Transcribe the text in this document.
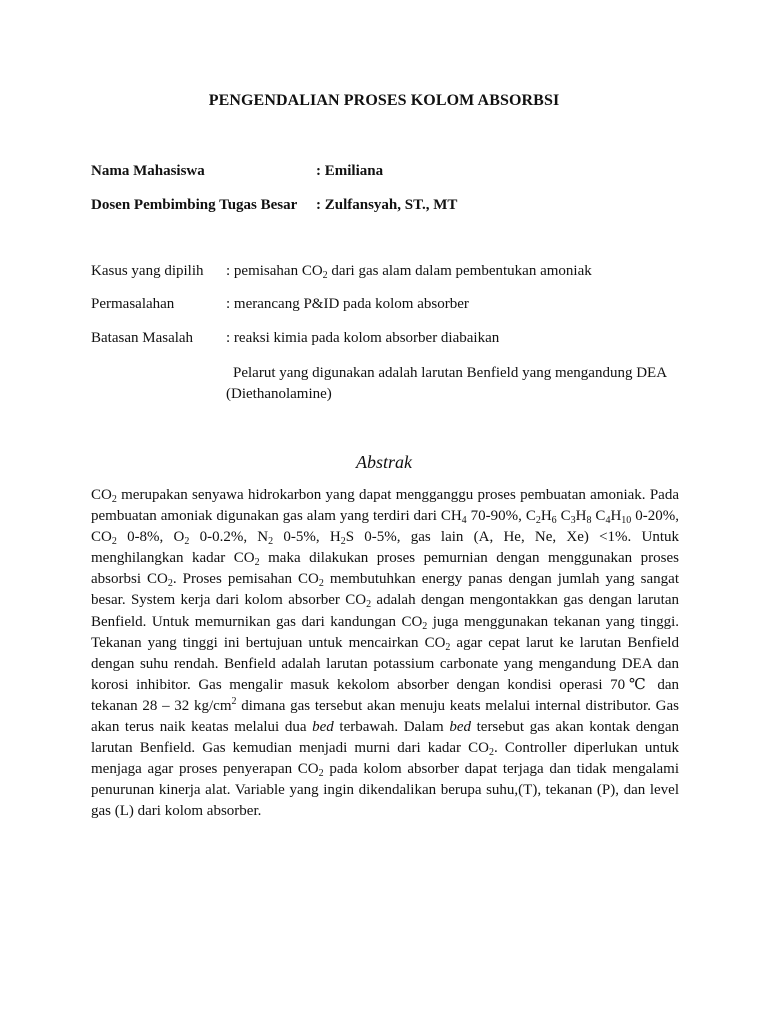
PENGENDALIAN PROSES KOLOM ABSORBSI
Nama Mahasiswa	: Emiliana
Dosen Pembimbing Tugas Besar : Zulfansyah, ST., MT
Kasus yang dipilih : pemisahan $CO_2$ dari gas alam dalam pembentukan amoniak
Permasalahan	: merancang P&ID pada kolom absorber
Batasan Masalah : reaksi kimia pada kolom absorber diabaikan
Pelarut yang digunakan adalah larutan Benfield yang mengandung DEA
(Diethanolamine)
Abstrak
$CO_2$ merupakan senyawa hidrokarbon yang dapat mengganggu proses pembuatan amoniak. Pada
pembuatan amoniak digunakan gas alam yang terdiri dari $CH_4$ 70-90%, $C_2H_6$ $C_3H_8$ $C_4H_{10}$ 0-20%,
$CO_2$ 0-8%, $O_2$ 0-0.2%, $N_2$ 0-5%, $H_2S$ 0-5%, gas lain (A, He, Ne, Xe) <1%. Untuk
menghilangkan kadar $CO_2$ maka dilakukan proses pemurnian dengan menggunakan proses
absorbsi $CO_2$. Proses pemisahan $CO_2$ membutuhkan energy panas dengan jumlah yang sangat
besar. System kerja dari kolom absorber $CO_2$ adalah dengan mengontakkan gas dengan larutan
Benfield. Untuk memurnikan gas dari kandungan $CO_2$ juga menggunakan tekanan yang tinggi.
Tekanan yang tinggi ini bertujuan untuk mencairkan $CO_2$ agar cepat larut ke larutan Benfield
dengan suhu rendah. Benfield adalah larutan potassium carbonate yang mengandung DEA dan
korosi inhibitor. Gas mengalir masuk kekolom absorber dengan kondisi operasi 70℃ dan
tekanan 28 – 32 $kg/cm^2$ dimana gas tersebut akan menuju keats melalui internal distributor. Gas
akan terus naik keatas melalui dua bed terbawah. Dalam bed tersebut gas akan kontak dengan
larutan Benfield. Gas kemudian menjadi murni dari kadar $CO_2$. Controller diperlukan untuk
menjaga agar proses penyerapan $CO_2$ pada kolom absorber dapat terjaga dan tidak mengalami
penurunan kinerja alat. Variable yang ingin dikendalikan berupa suhu,(T), tekanan (P), dan level
gas (L) dari kolom absorber.
